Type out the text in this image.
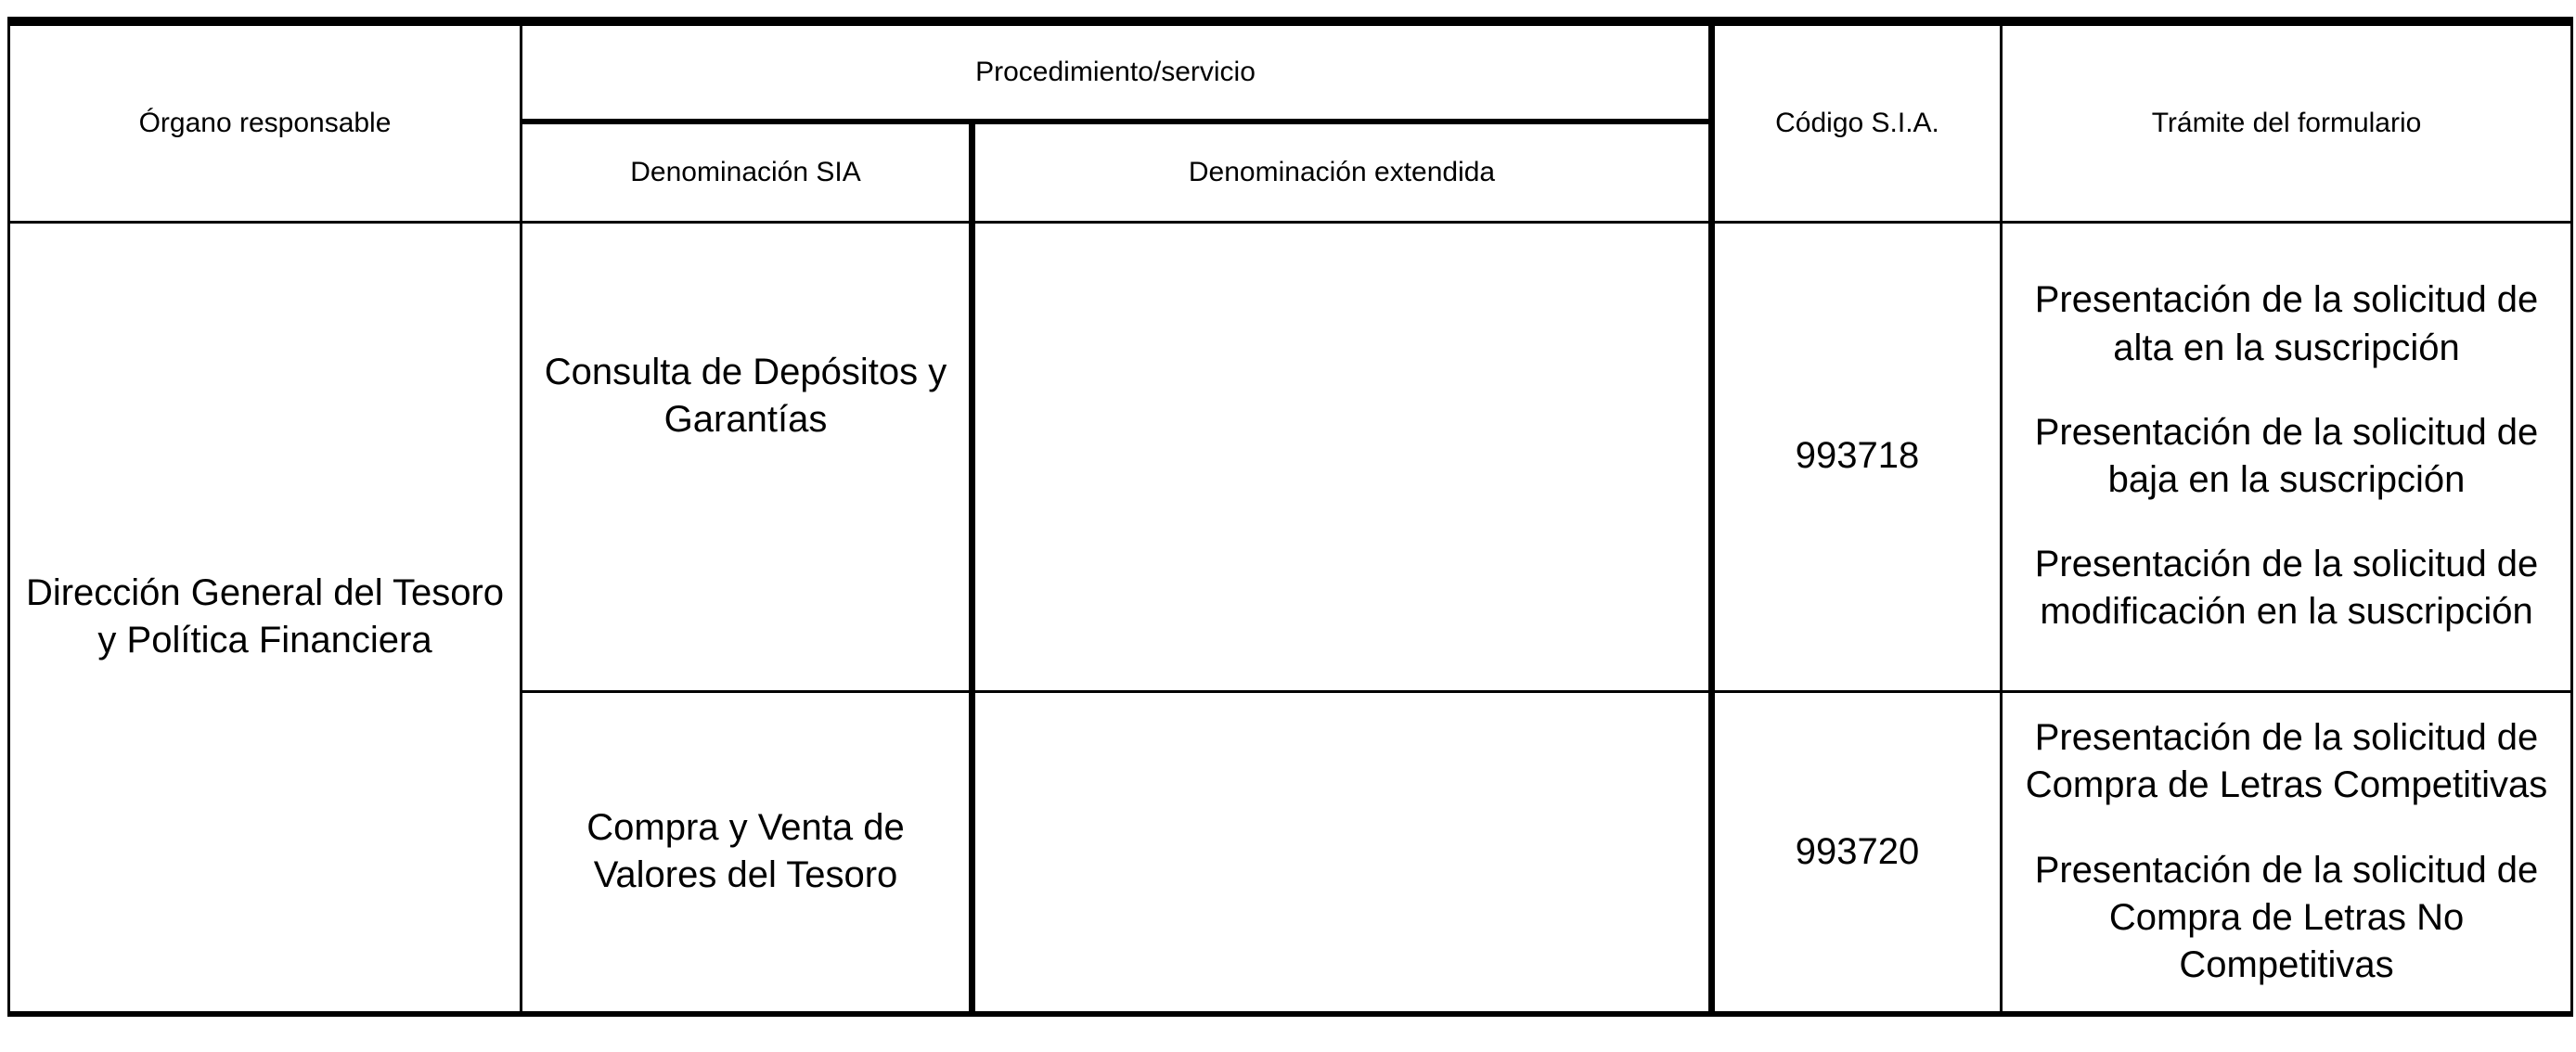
Órgano responsable	Procedimiento/servicio		Código S.I.A.	Trámite del formulario
	Denominación SIA	Denominación extendida		
Dirección General del Tesoro y Política Financiera	Consulta de Depósitos y Garantías		993718	Presentación de la solicitud de alta en la suscripción
Presentación de la solicitud de baja en la suscripción
Presentación de la solicitud de modificación en la suscripción

	Compra y Venta de Valores del Tesoro		993720	Presentación de la solicitud de Compra de Letras Competitivas
Presentación de la solicitud de Compra de Letras No Competitivas
